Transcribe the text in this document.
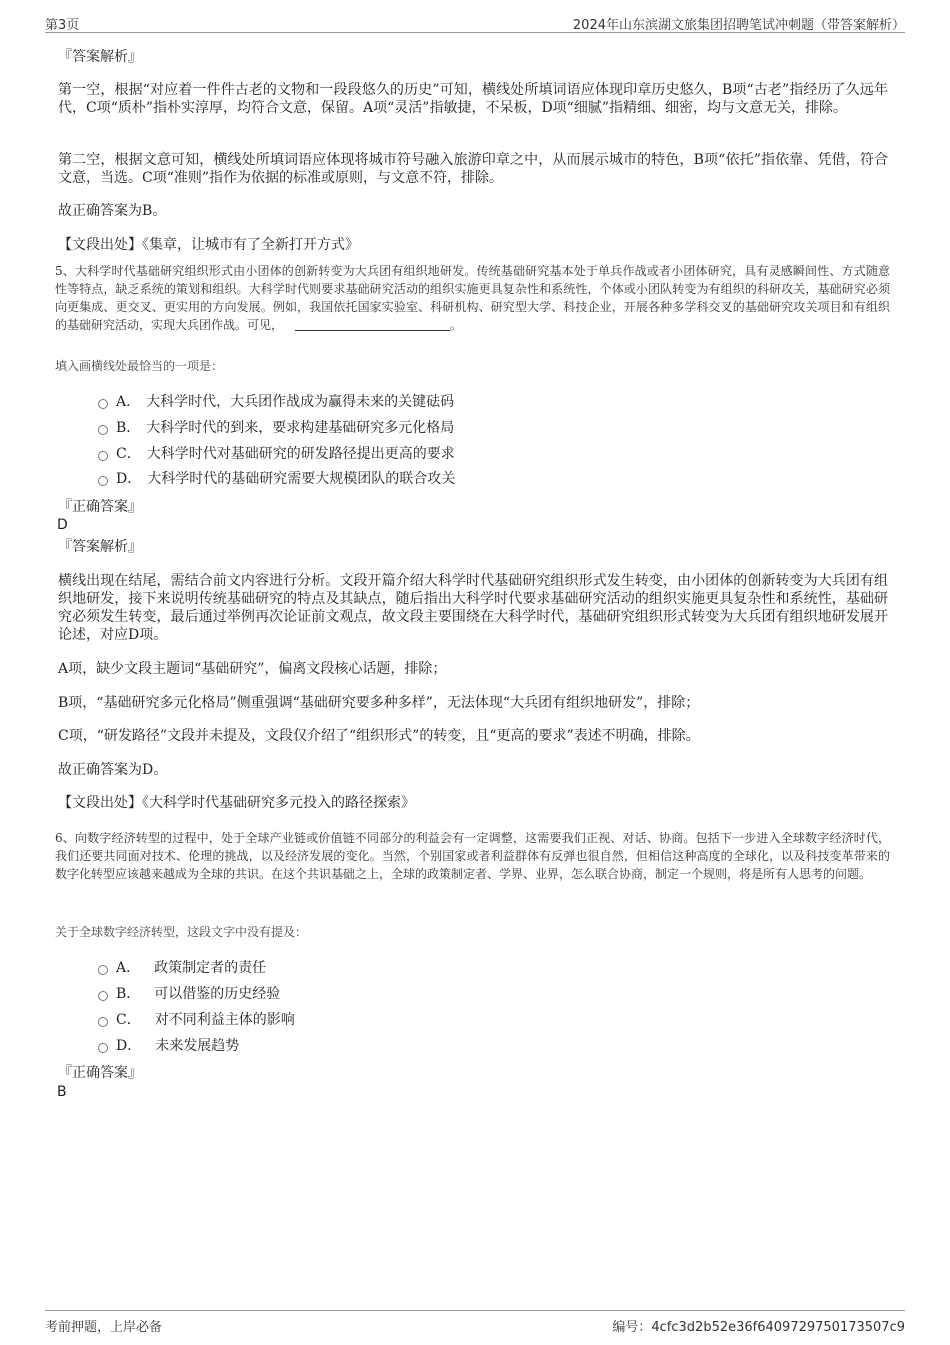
第3页	2024年山东滨湖文旅集团招聘笔试冲刺题（带答案解析）
『答案解析』
第一空，根据“对应着一件件古老的文物和一段段悠久的历史”可知，横线处所填词语应体现印章历史悠久，B项“古老”指经历了久远年代，C项“质朴”指朴实淳厚，均符合文意，保留。A项“灵活”指敏捷，不呆板，D项“细腻”指精细、细密，均与文意无关，排除。
第二空，根据文意可知，横线处所填词语应体现将城市符号融入旅游印章之中，从而展示城市的特色，B项“依托”指依靠、凭借，符合文意，当选。C项“准则”指作为依据的标准或原则，与文意不符，排除。
故正确答案为B。
【文段出处】《集章，让城市有了全新打开方式》
5、大科学时代基础研究组织形式由小团体的创新转变为大兵团有组织地研发。传统基础研究基本处于单兵作战或者小团体研究，具有灵感瞬间性、方式随意性等特点，缺乏系统的策划和组织。大科学时代则要求基础研究活动的组织实施更具复杂性和系统性，个体或小团队转变为有组织的科研攻关，基础研究必须向更集成、更交叉、更实用的方向发展。例如，我国依托国家实验室、科研机构、研究型大学、科技企业，开展各种多学科交叉的基础研究攻关项目和有组织的基础研究活动，实现大兵团作战。可见，	。
填入画横线处最恰当的一项是：
A． 大科学时代，大兵团作战成为赢得未来的关键砝码
B． 大科学时代的到来，要求构建基础研究多元化格局
C． 大科学时代对基础研究的研发路径提出更高的要求
D． 大科学时代的基础研究需要大规模团队的联合攻关
『正确答案』
D
『答案解析』
横线出现在结尾，需结合前文内容进行分析。文段开篇介绍大科学时代基础研究组织形式发生转变，由小团体的创新转变为大兵团有组织地研发，接下来说明传统基础研究的特点及其缺点，随后指出大科学时代要求基础研究活动的组织实施更具复杂性和系统性，基础研究必须发生转变，最后通过举例再次论证前文观点，故文段主要围绕在大科学时代，基础研究组织形式转变为大兵团有组织地研发展开论述，对应D项。
A项，缺少文段主题词“基础研究”，偏离文段核心话题，排除；
B项，“基础研究多元化格局”侧重强调“基础研究要多种多样”，无法体现“大兵团有组织地研发”，排除；
C项，“研发路径”文段并未提及，文段仅介绍了“组织形式”的转变，且“更高的要求”表述不明确，排除。
故正确答案为D。
【文段出处】《大科学时代基础研究多元投入的路径探索》
6、向数字经济转型的过程中，处于全球产业链或价值链不同部分的利益会有一定调整，这需要我们正视、对话、协商。包括下一步进入全球数字经济时代，我们还要共同面对技术、伦理的挑战，以及经济发展的变化。当然，个别国家或者利益群体有反弹也很自然，但相信这种高度的全球化，以及科技变革带来的数字化转型应该越来越成为全球的共识。在这个共识基础之上，全球的政策制定者、学界、业界，怎么联合协商，制定一个规则，将是所有人思考的问题。
关于全球数字经济转型，这段文字中没有提及：
A． 政策制定者的责任
B． 可以借鉴的历史经验
C． 对不同利益主体的影响
D． 未来发展趋势
『正确答案』
B
考前押题，上岸必备	编号：4cfc3d2b52e36f6409729750173507c9
